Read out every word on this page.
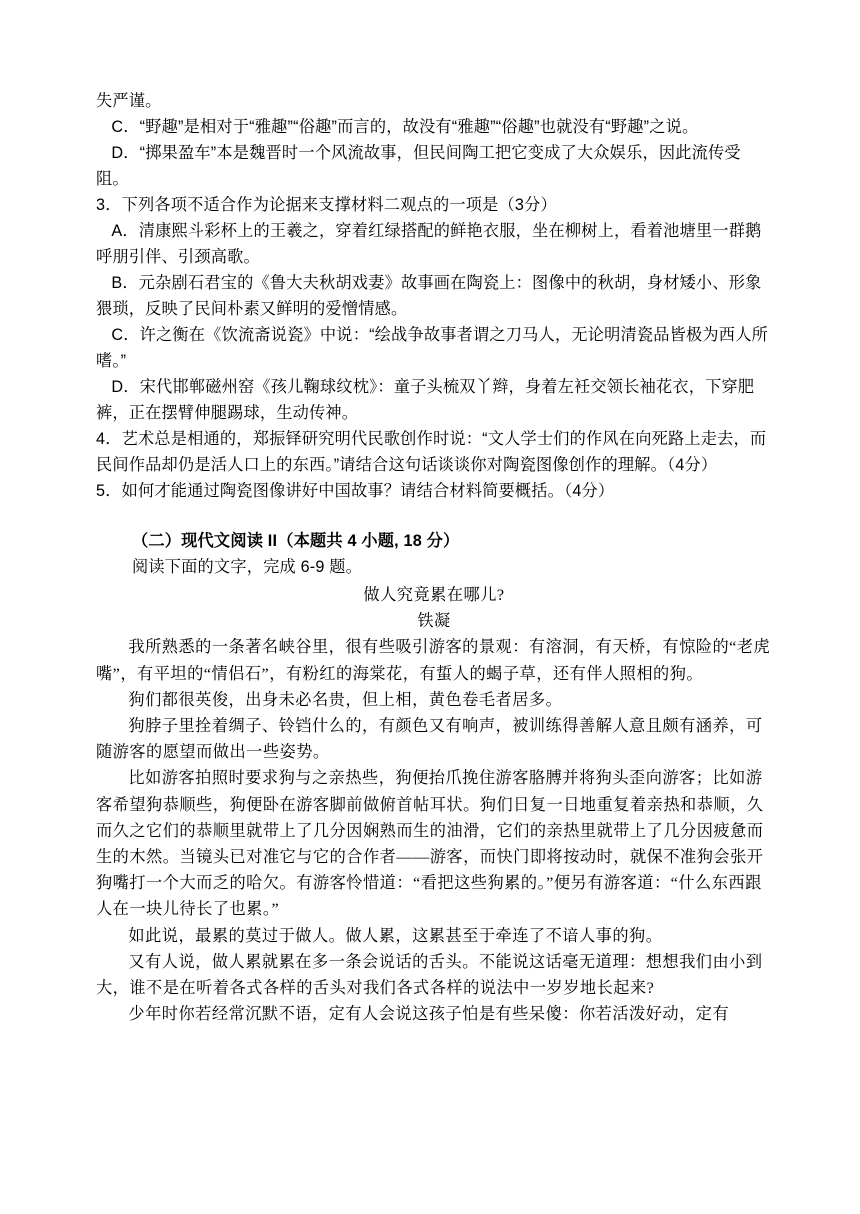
失严谨。

C．“野趣”是相对于“雅趣”“俗趣”而言的，故没有“雅趣”“俗趣”也就没有“野趣”之说。

D．“掷果盈车”本是魏晋时一个风流故事，但民间陶工把它变成了大众娱乐，因此流传受阻。

3．下列各项不适合作为论据来支撑材料二观点的一项是（3分）

A．清康熙斗彩杯上的王羲之，穿着红绿搭配的鲜艳衣服，坐在柳树上，看着池塘里一群鹅呼朋引伴、引颈高歌。

B．元杂剧石君宝的《鲁大夫秋胡戏妻》故事画在陶瓷上：图像中的秋胡，身材矮小、形象猥琐，反映了民间朴素又鲜明的爱憎情感。

C．许之衡在《饮流斋说瓷》中说：“绘战争故事者谓之刀马人，无论明清瓷品皆极为西人所嗜。”

D．宋代邯郸磁州窑《孩儿鞠球纹枕》：童子头梳双丫辫，身着左衽交领长袖花衣，下穿肥裤，正在摆臂伸腿踢球，生动传神。

4．艺术总是相通的，郑振铎研究明代民歌创作时说：“文人学士们的作风在向死路上走去，而民间作品却仍是活人口上的东西。”请结合这句话谈谈你对陶瓷图像创作的理解。（4分）

5．如何才能通过陶瓷图像讲好中国故事？请结合材料简要概括。（4分）

（二）现代文阅读 II（本题共 4 小题, 18 分）
阅读下面的文字，完成 6-9 题。

做人究竟累在哪儿?

铁凝

我所熟悉的一条著名峡谷里，很有些吸引游客的景观：有溶洞，有天桥，有惊险的“老虎嘴”，有平坦的“情侣石”，有粉红的海棠花，有蜇人的蝎子草，还有伴人照相的狗。

狗们都很英俊，出身未必名贵，但上相，黄色卷毛者居多。

狗脖子里拴着绸子、铃铛什么的，有颜色又有响声，被训练得善解人意且颇有涵养，可随游客的愿望而做出一些姿势。

比如游客拍照时要求狗与之亲热些，狗便抬爪挽住游客胳膊并将狗头歪向游客；比如游客希望狗恭顺些，狗便卧在游客脚前做俯首帖耳状。狗们日复一日地重复着亲热和恭顺，久而久之它们的恭顺里就带上了几分因娴熟而生的油滑，它们的亲热里就带上了几分因疲惫而生的木然。当镜头已对准它与它的合作者——游客，而快门即将按动时，就保不准狗会张开狗嘴打一个大而乏的哈欠。有游客怜惜道：“看把这些狗累的。”便另有游客道：“什么东西跟人在一块儿待长了也累。”

如此说，最累的莫过于做人。做人累，这累甚至于牵连了不谙人事的狗。

又有人说，做人累就累在多一条会说话的舌头。不能说这话毫无道理：想想我们由小到大，谁不是在听着各式各样的舌头对我们各式各样的说法中一岁岁地长起来?

少年时你若经常沉默不语，定有人会说这孩子怕是有些呆傻：你若活泼好动，定有
